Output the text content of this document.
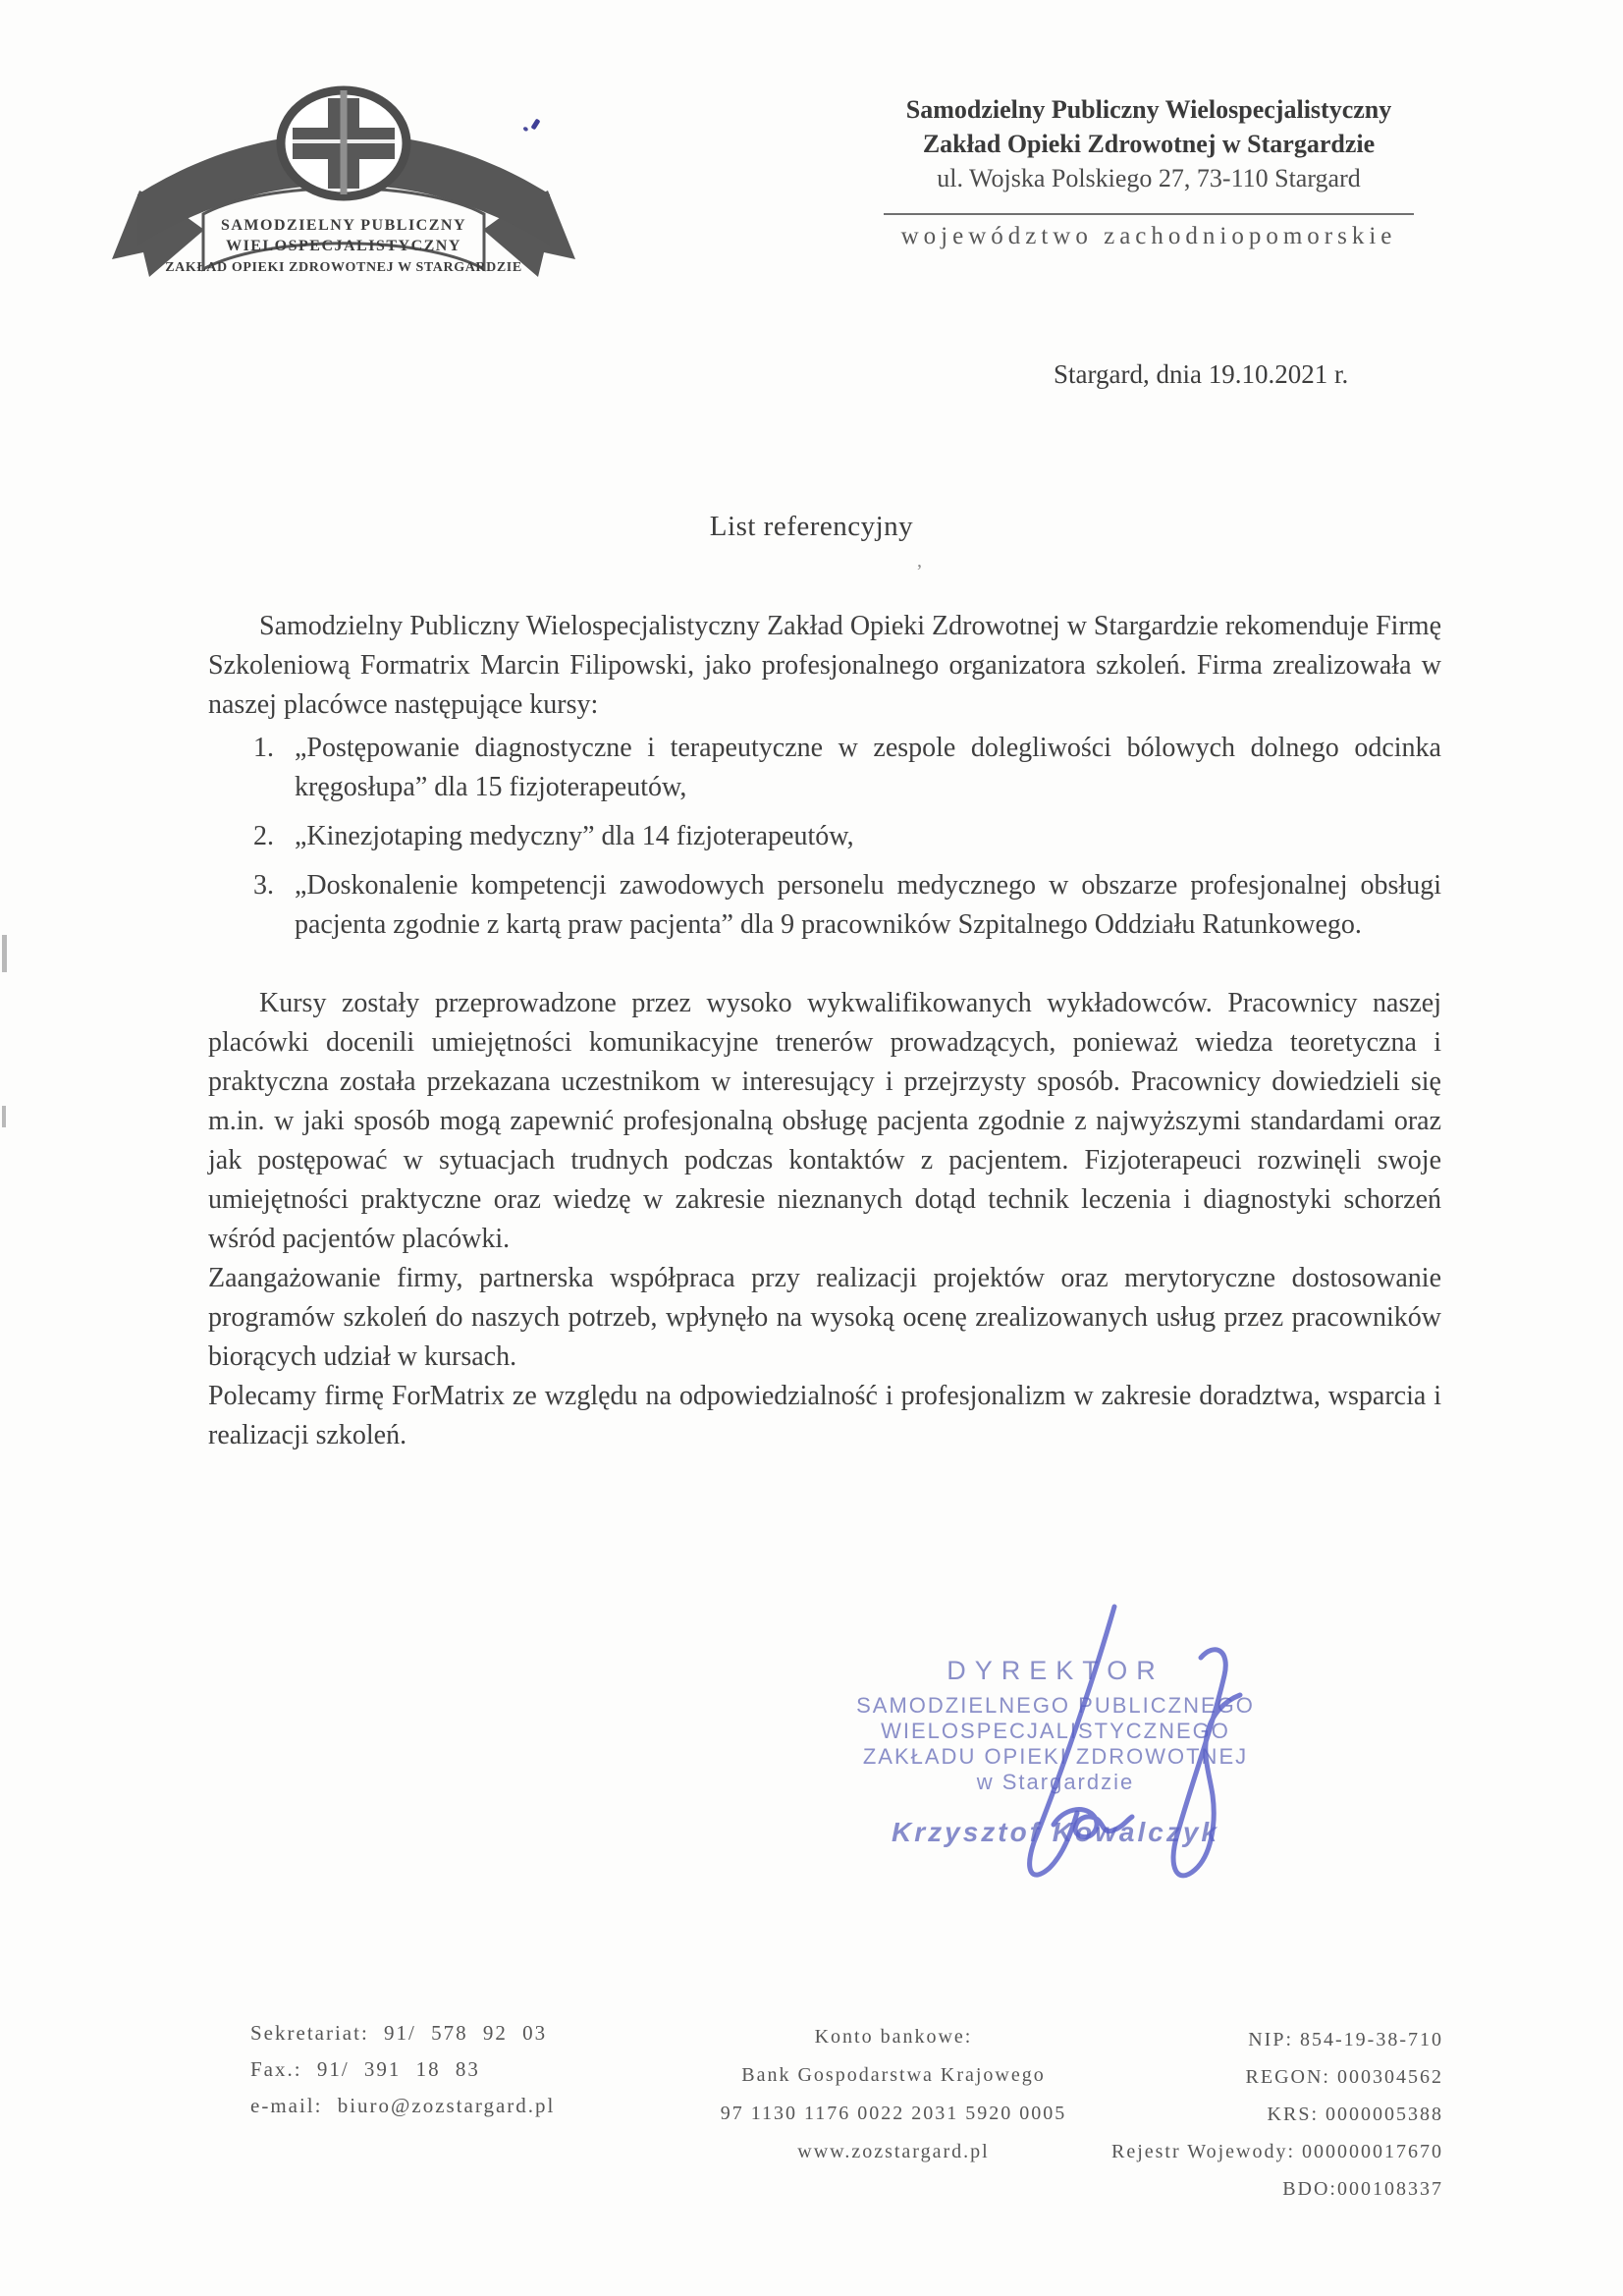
SAMODZIELNY PUBLICZNY
WIELOSPECJALISTYCZNY
ZAKŁAD OPIEKI ZDROWOTNEJ W STARGARDZIE
Samodzielny Publiczny Wielospecjalistyczny
Zakład Opieki Zdrowotnej w Stargardzie
ul. Wojska Polskiego 27, 73-110 Stargard
województwo zachodniopomorskie
Stargard, dnia 19.10.2021 r.
List referencyjny
,

Samodzielny Publiczny Wielospecjalistyczny Zakład Opieki Zdrowotnej w Stargardzie rekomenduje Firmę Szkoleniową Formatrix Marcin Filipowski, jako profesjonalnego organizatora szkoleń. Firma zrealizowała w naszej placówce następujące kursy:

1. „Postępowanie diagnostyczne i terapeutyczne w zespole dolegliwości bólowych dolnego odcinka kręgosłupa” dla 15 fizjoterapeutów,
2. „Kinezjotaping medyczny” dla 14 fizjoterapeutów,
3. „Doskonalenie kompetencji zawodowych personelu medycznego w obszarze profesjonalnej obsługi pacjenta zgodnie z kartą praw pacjenta” dla 9 pracowników Szpitalnego Oddziału Ratunkowego.

Kursy zostały przeprowadzone przez wysoko wykwalifikowanych wykładowców. Pracownicy naszej placówki docenili umiejętności komunikacyjne trenerów prowadzących, ponieważ wiedza teoretyczna i praktyczna została przekazana uczestnikom w interesujący i przejrzysty sposób. Pracownicy dowiedzieli się m.in. w jaki sposób mogą zapewnić profesjonalną obsługę pacjenta zgodnie z najwyższymi standardami oraz jak postępować w sytuacjach trudnych podczas kontaktów z pacjentem. Fizjoterapeuci rozwinęli swoje umiejętności praktyczne oraz wiedzę w zakresie nieznanych dotąd technik leczenia i diagnostyki schorzeń wśród pacjentów placówki.

Zaangażowanie firmy, partnerska współpraca przy realizacji projektów oraz merytoryczne dostosowanie programów szkoleń do naszych potrzeb, wpłynęło na wysoką ocenę zrealizowanych usług przez pracowników biorących udział w kursach.

Polecamy firmę ForMatrix ze względu na odpowiedzialność i profesjonalizm w zakresie doradztwa, wsparcia i realizacji szkoleń.

DYREKTOR
SAMODZIELNEGO PUBLICZNEGO
WIELOSPECJALISTYCZNEGO
ZAKŁADU OPIEKI ZDROWOTNEJ
w Stargardzie
Krzysztof Kowalczyk
Sekretariat: 91/ 578 92 03
Fax.: 91/ 391 18 83
e-mail: biuro@zozstargard.pl
Konto bankowe:
Bank Gospodarstwa Krajowego
97 1130 1176 0022 2031 5920 0005
www.zozstargard.pl
NIP: 854-19-38-710
REGON: 000304562
KRS: 0000005388
Rejestr Wojewody: 000000017670
BDO:000108337
